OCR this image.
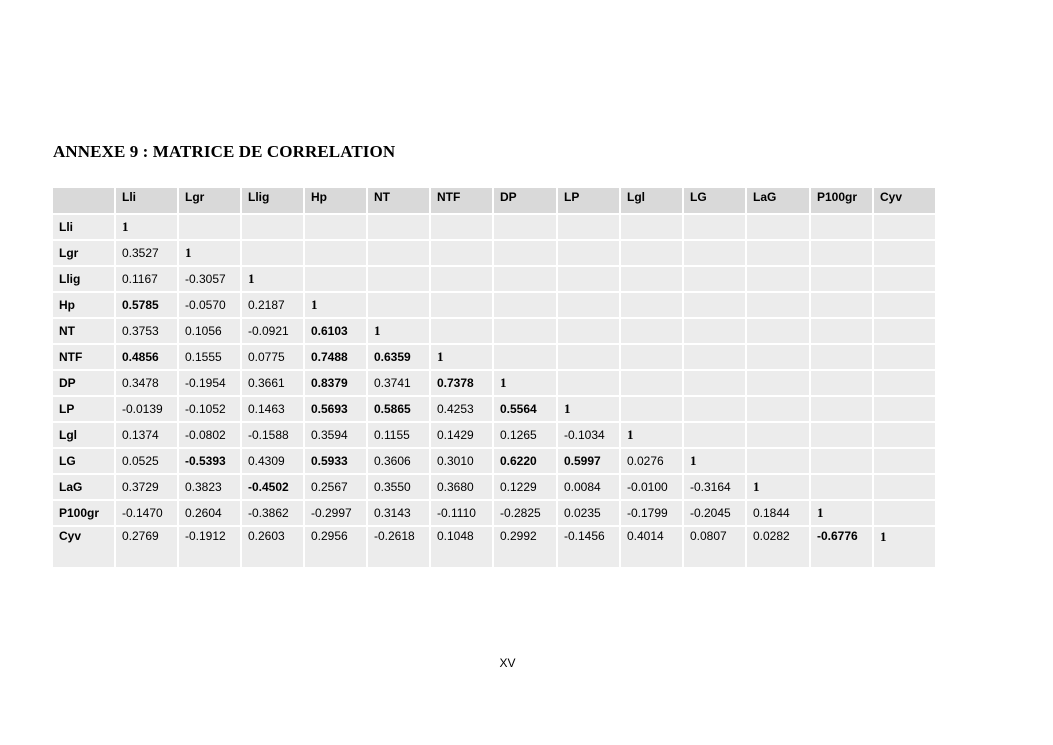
ANNEXE 9 : MATRICE DE CORRELATION
	Lli	Lgr	Llig	Hp	NT	NTF	DP	LP	Lgl	LG	LaG	P100gr	Cyv
Lli	1												
Lgr	0.3527	1											
Llig	0.1167	-0.3057	1										
Hp	0.5785	-0.0570	0.2187	1									
NT	0.3753	0.1056	-0.0921	0.6103	1								
NTF	0.4856	0.1555	0.0775	0.7488	0.6359	1							
DP	0.3478	-0.1954	0.3661	0.8379	0.3741	0.7378	1						
LP	-0.0139	-0.1052	0.1463	0.5693	0.5865	0.4253	0.5564	1					
Lgl	0.1374	-0.0802	-0.1588	0.3594	0.1155	0.1429	0.1265	-0.1034	1				
LG	0.0525	-0.5393	0.4309	0.5933	0.3606	0.3010	0.6220	0.5997	0.0276	1			
LaG	0.3729	0.3823	-0.4502	0.2567	0.3550	0.3680	0.1229	0.0084	-0.0100	-0.3164	1		
P100gr	-0.1470	0.2604	-0.3862	-0.2997	0.3143	-0.1110	-0.2825	0.0235	-0.1799	-0.2045	0.1844	1	
Cyv	0.2769	-0.1912	0.2603	0.2956	-0.2618	0.1048	0.2992	-0.1456	0.4014	0.0807	0.0282	-0.6776	1
XV
